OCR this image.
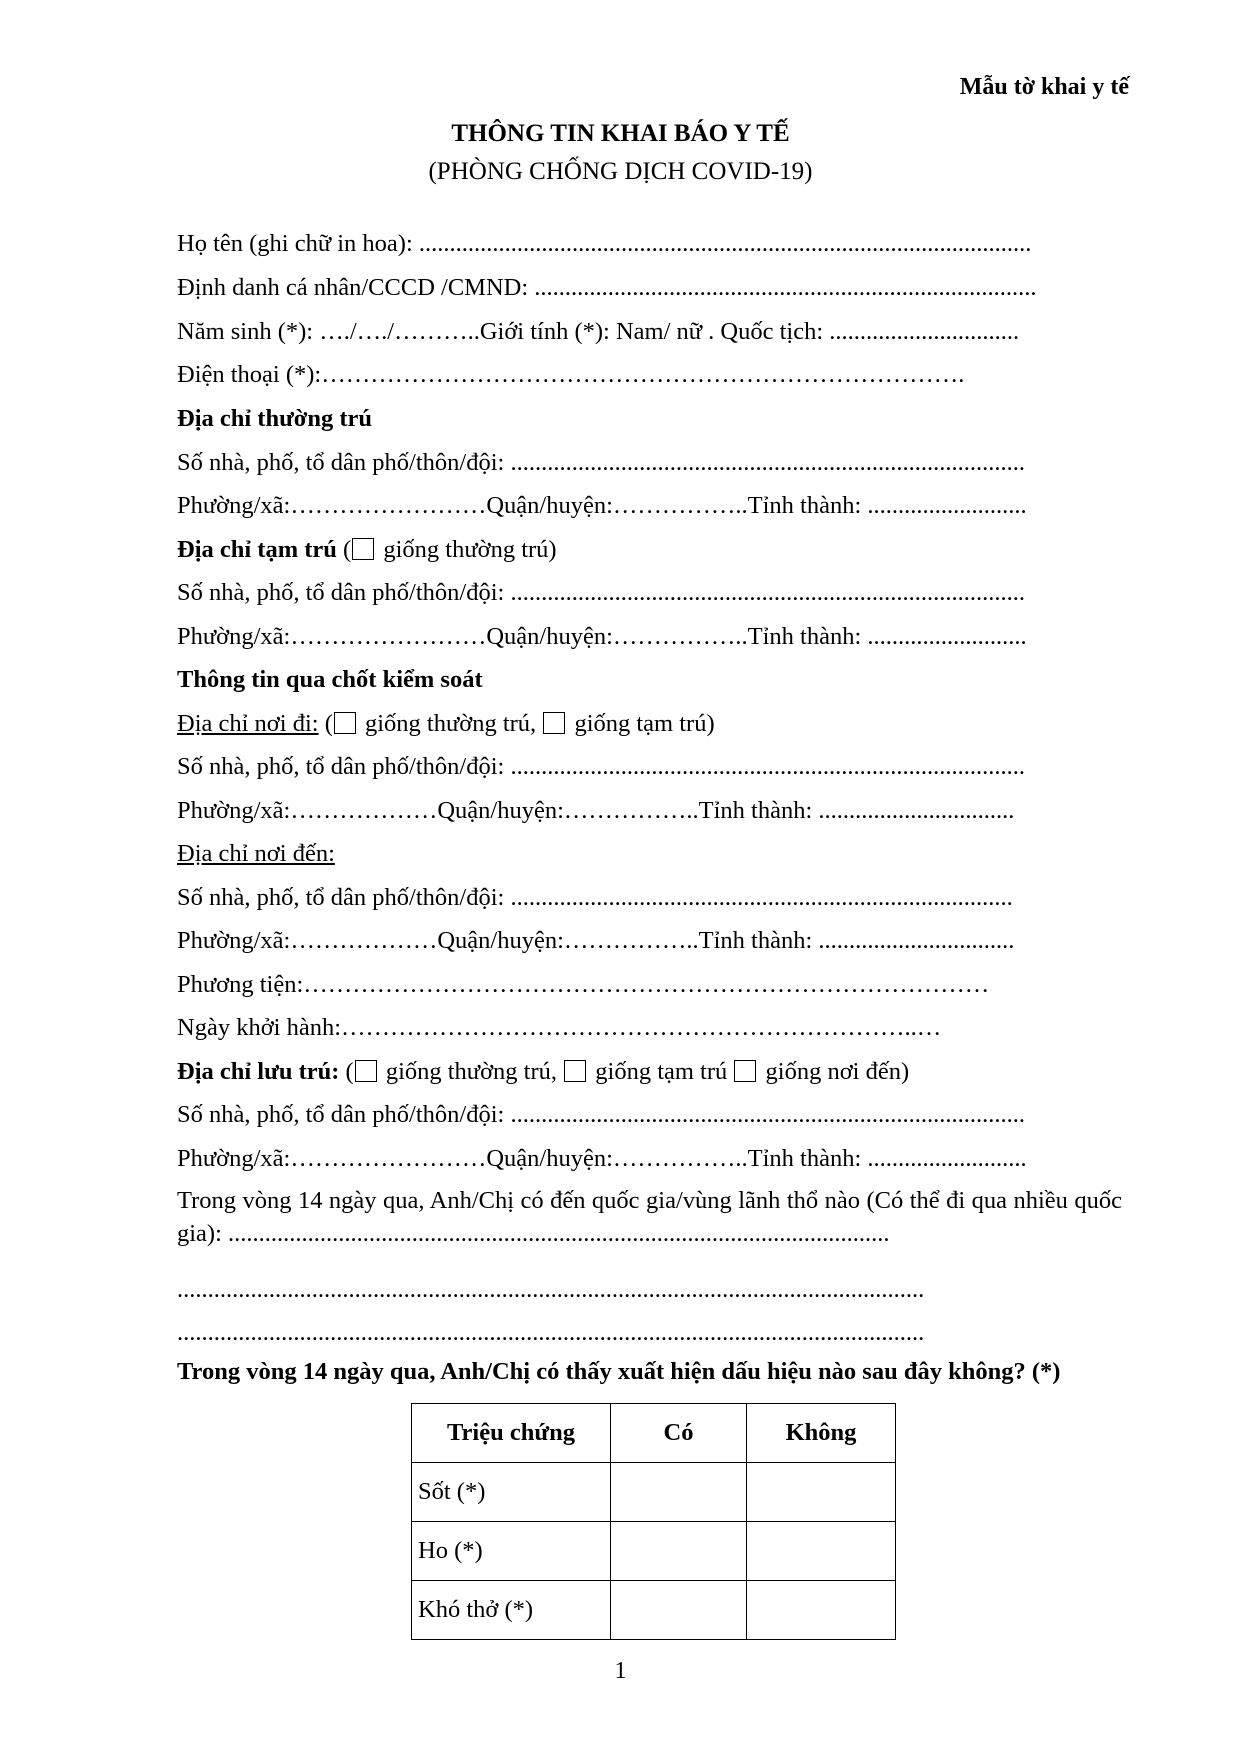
Mẫu tờ khai y tế
THÔNG TIN KHAI BÁO Y TẾ
(PHÒNG CHỐNG DỊCH COVID-19)
Họ tên (ghi chữ in hoa): ....................................................................................................
Định danh cá nhân/CCCD /CMND: ..................................................................................
Năm sinh (*): …./…./………..Giới tính (*): Nam/ nữ . Quốc tịch: ...............................
Điện thoại (*):…………………………………………………………………….
Địa chỉ thường trú
Số nhà, phố, tổ dân phố/thôn/đội: ....................................................................................
Phường/xã:……………………Quận/huyện:……………..Tỉnh thành: ..........................
Địa chỉ tạm trú ( giống thường trú)
Số nhà, phố, tổ dân phố/thôn/đội: ....................................................................................
Phường/xã:……………………Quận/huyện:……………..Tỉnh thành: ..........................
Thông tin qua chốt kiểm soát
Địa chỉ nơi đi: ( giống thường trú,  giống tạm trú)
Số nhà, phố, tổ dân phố/thôn/đội: ....................................................................................
Phường/xã:………………Quận/huyện:……………..Tỉnh thành: ................................
Địa chỉ nơi đến:
Số nhà, phố, tổ dân phố/thôn/đội: ..................................................................................
Phường/xã:………………Quận/huyện:……………..Tỉnh thành: ................................
Phương tiện:…………………………………………………………………………
Ngày khởi hành:……………………………………………………………..…
Địa chỉ lưu trú: ( giống thường trú,  giống tạm trú  giống nơi đến)
Số nhà, phố, tổ dân phố/thôn/đội: ....................................................................................
Phường/xã:……………………Quận/huyện:……………..Tỉnh thành: ..........................
Trong vòng 14 ngày qua, Anh/Chị có đến quốc gia/vùng lãnh thổ nào (Có thể đi qua nhiều quốc gia): ............................................................................................................
..........................................................................................................................
..........................................................................................................................
Trong vòng 14 ngày qua, Anh/Chị có thấy xuất hiện dấu hiệu nào sau đây không? (*)
Triệu chứng	Có	Không
Sốt (*)		
Ho (*)		
Khó thở (*)		
1
